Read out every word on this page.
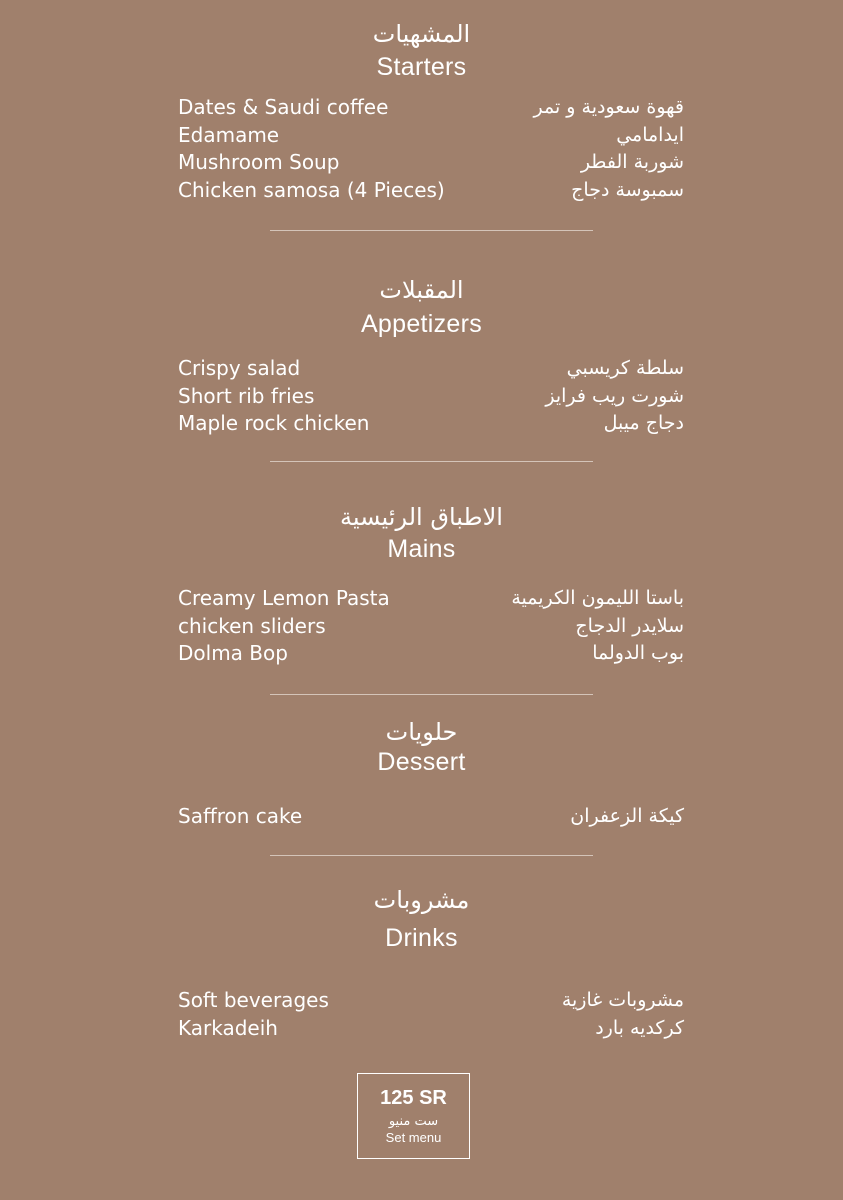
المشهيات
Starters
Dates & Saudi coffee	قهوة سعودية و تمر
Edamame	ايدامامي
Mushroom Soup	شوربة الفطر
Chicken samosa (4 Pieces)	سمبوسة دجاج
المقبلات
Appetizers
Crispy salad	سلطة كريسبي
Short rib fries	شورت ريب فرايز
Maple rock chicken	دجاج ميبل
الاطباق الرئيسية
Mains
Creamy Lemon Pasta	باستا الليمون الكريمية
chicken sliders	سلايدر الدجاج
Dolma Bop	بوب الدولما
حلويات
Dessert
Saffron cake	كيكة الزعفران
مشروبات
Drinks
Soft beverages	مشروبات غازية
Karkadeih	كركديه بارد
125 SR
ست منيو
Set menu
